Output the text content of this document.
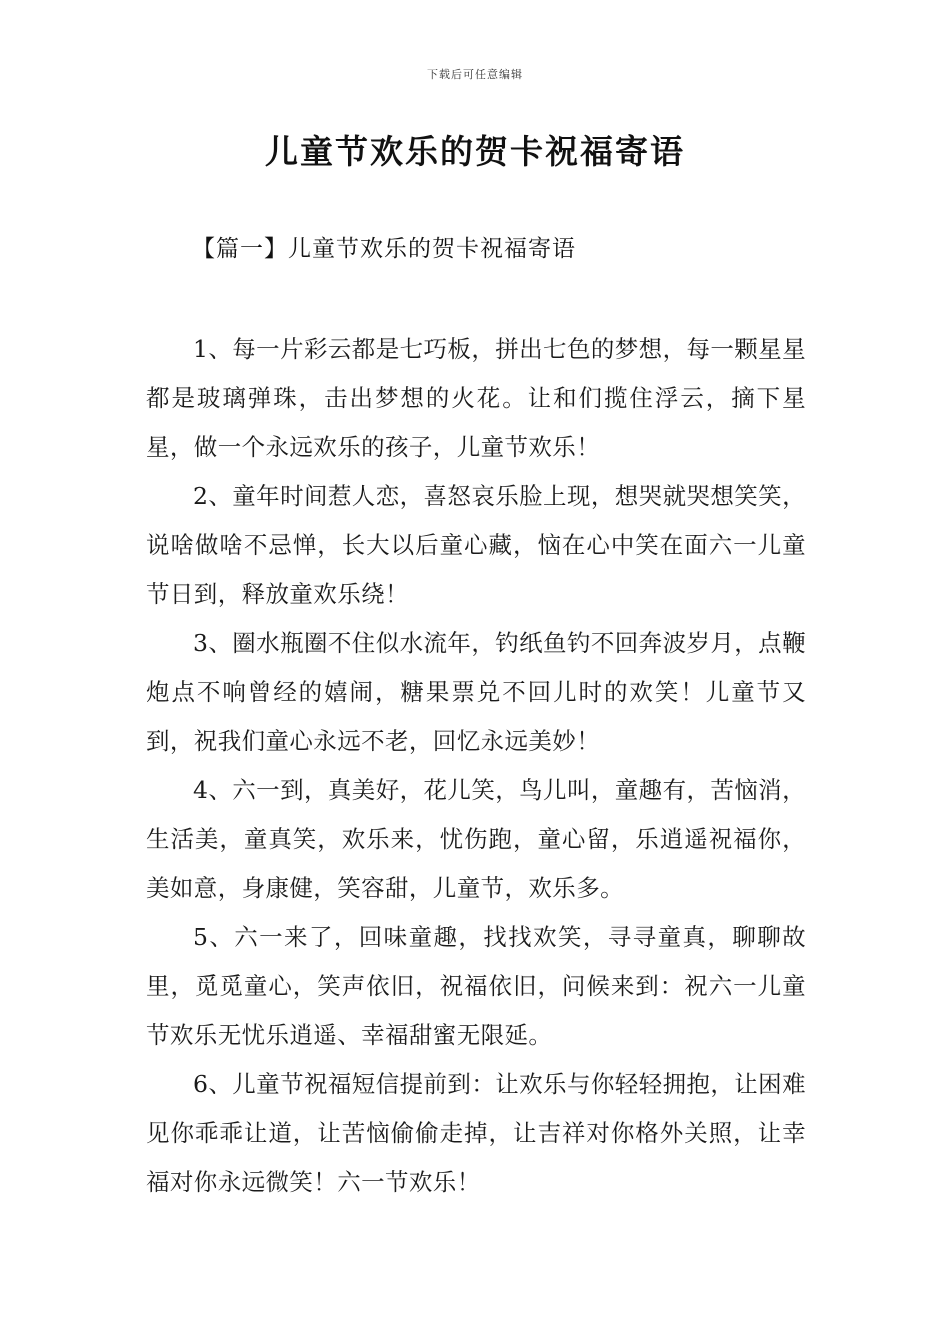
下载后可任意编辑
儿童节欢乐的贺卡祝福寄语
【篇一】儿童节欢乐的贺卡祝福寄语

1、每一片彩云都是七巧板，拼出七色的梦想，每一颗星星都是玻璃弹珠，击出梦想的火花。让和们揽住浮云，摘下星星，做一个永远欢乐的孩子，儿童节欢乐！

2、童年时间惹人恋，喜怒哀乐脸上现，想哭就哭想笑笑，说啥做啥不忌惮，长大以后童心藏，恼在心中笑在面六一儿童节日到，释放童欢乐绕！

3、圈水瓶圈不住似水流年，钓纸鱼钓不回奔波岁月，点鞭炮点不响曾经的嬉闹，糖果票兑不回儿时的欢笑！儿童节又到，祝我们童心永远不老，回忆永远美妙！

4、六一到，真美好，花儿笑，鸟儿叫，童趣有，苦恼消，生活美，童真笑，欢乐来，忧伤跑，童心留，乐逍遥祝福你，美如意，身康健，笑容甜，儿童节，欢乐多。

5、六一来了，回味童趣，找找欢笑，寻寻童真，聊聊故里，觅觅童心，笑声依旧，祝福依旧，问候来到：祝六一儿童节欢乐无忧乐逍遥、幸福甜蜜无限延。

6、儿童节祝福短信提前到：让欢乐与你轻轻拥抱，让困难见你乖乖让道，让苦恼偷偷走掉，让吉祥对你格外关照，让幸福对你永远微笑！六一节欢乐！
